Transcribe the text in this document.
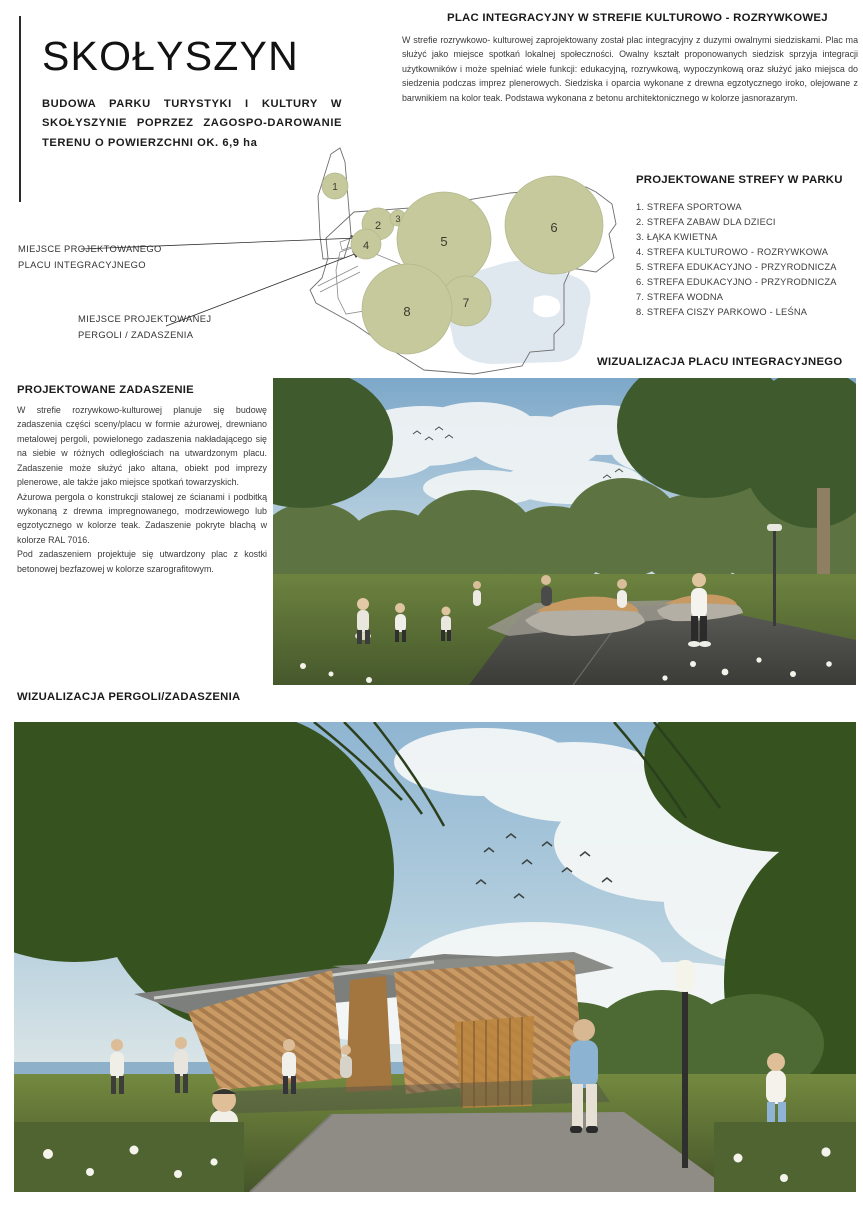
SKOŁYSZYN
BUDOWA PARKU TURYSTYKI I KULTURY W SKOŁYSZYNIE POPRZEZ ZAGOSPO-DAROWANIE TERENU O POWIERZCHNI OK. 6,9 ha
PLAC INTEGRACYJNY W STREFIE KULTUROWO - ROZRYWKOWEJ
W strefie rozrywkowo- kulturowej zaprojektowany został plac integracyjny z duzymi owalnymi siedziskami. Plac ma służyć jako miejsce spotkań lokalnej społeczności. Owalny kształt proponowanych siedzisk sprzyja integracji użytkowników i może spełniać wiele funkcji: edukacyjną, rozrywkową, wypoczynkową oraz służyć jako miejsca do siedzenia podczas imprez plenerowych. Siedziska i oparcia wykonane z drewna egzotycznego iroko, olejowane z barwnikiem na kolor teak. Podstawa wykonana z betonu architektonicznego w kolorze jasnorazarym.
PROJEKTOWANE STREFY W PARKU
1. STREFA SPORTOWA
2. STREFA ZABAW DLA DZIECI
3. ŁĄKA KWIETNA
4. STREFA KULTUROWO - ROZRYWKOWA
5. STREFA EDUKACYJNO - PRZYRODNICZA
6. STREFA EDUKACYJNO - PRZYRODNICZA
7. STREFA WODNA
8. STREFA CISZY PARKOWO - LEŚNA
MIEJSCE PROJEKTOWANEGO
PLACU INTEGRACYJNEGO
MIEJSCE PROJEKTOWANEJ
PERGOLI / ZADASZENIA
1
2
3
4	5
6
7
8
PROJEKTOWANE ZADASZENIE

W strefie rozrywkowo-kulturowej planuje się budowę zadaszenia części sceny/placu w formie ażurowej, drewniano metalowej pergoli, powielonego zadaszenia nakładającego się na siebie w różnych odległościach na utwardzonym placu. Zadaszenie może służyć jako altana, obiekt pod imprezy plenerowe, ale także jako miejsce spotkań towarzyskich.

Ażurowa pergola o konstrukcji stalowej ze ścianami i podbitką wykonaną z drewna impregnowanego, modrzewiowego lub egzotycznego w kolorze teak. Zadaszenie pokryte blachą w kolorze RAL 7016.

Pod zadaszeniem projektuje się utwardzony plac z kostki betonowej bezfazowej w kolorze szarografitowym.

WIZUALIZACJA PLACU INTEGRACYJNEGO
WIZUALIZACJA PERGOLI/ZADASZENIA
